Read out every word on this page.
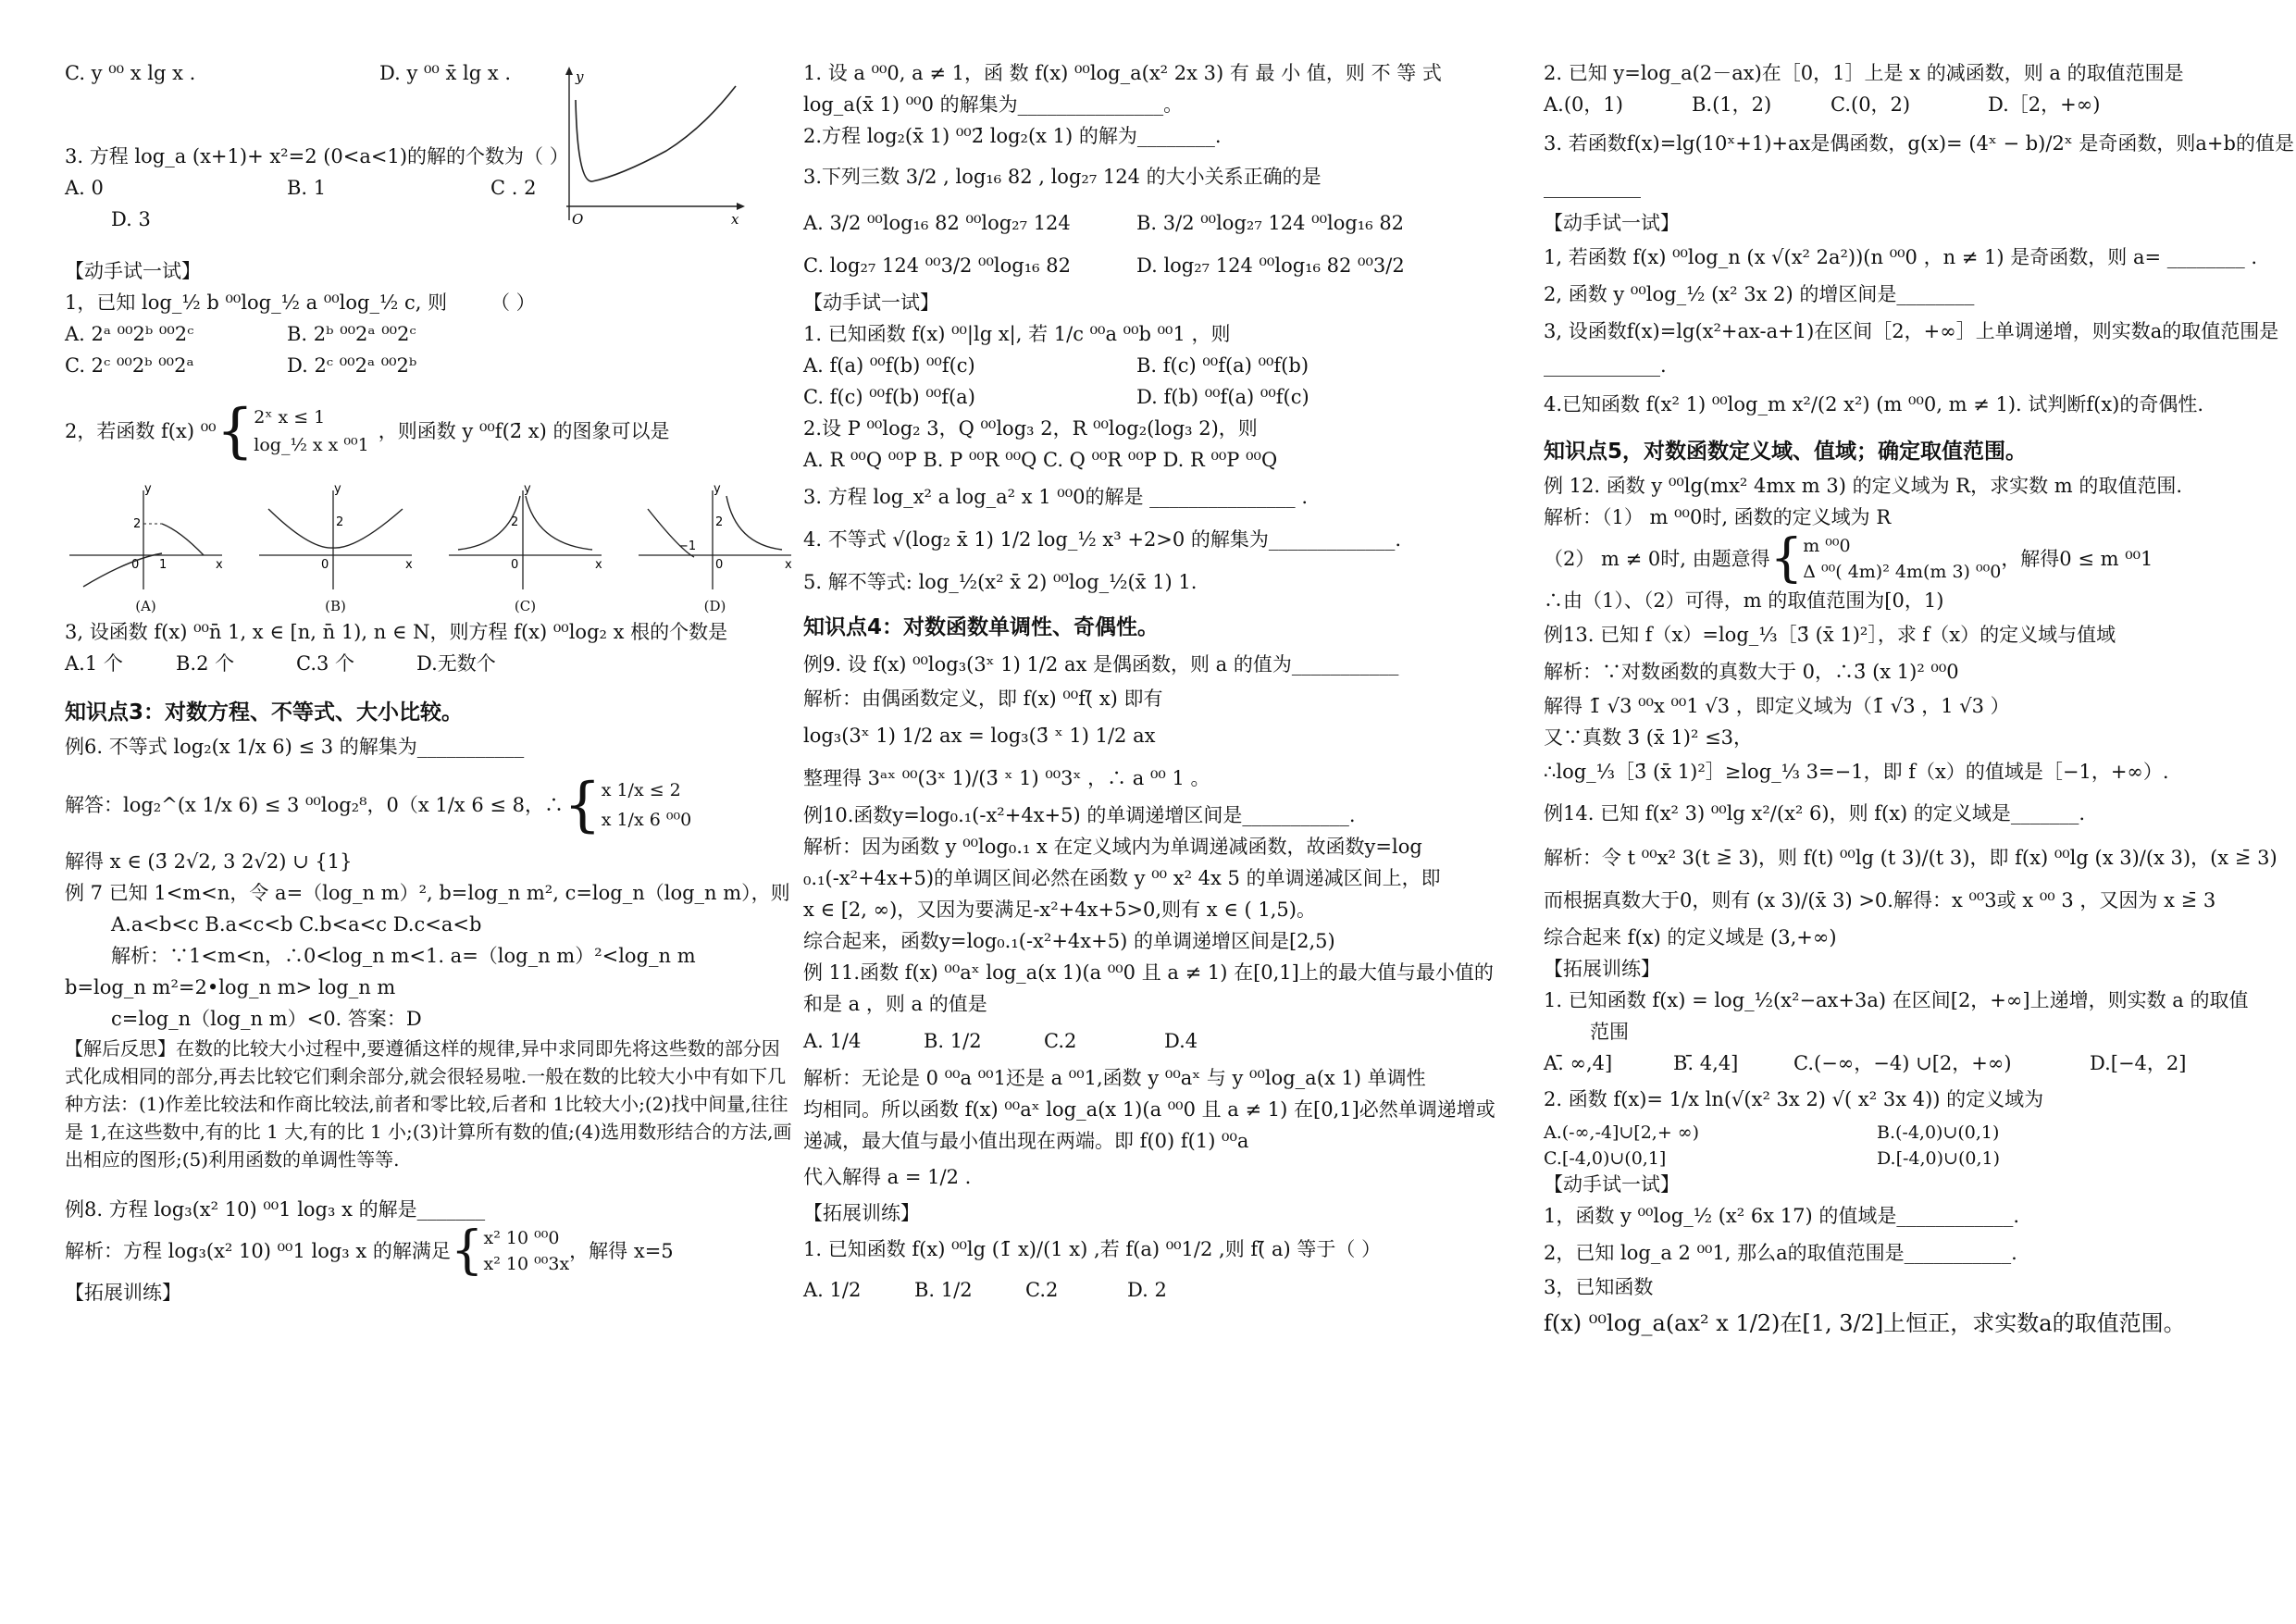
C. y ⁰⁰ x lg x .	D. y ⁰⁰ x̄ lg x .
3. 方程 log_a (x+1)+ x²=2 (0<a<1)的解的个数为（ ）
A. 0	B. 1	C . 2
D. 3
【动手试一试】
1，已知 log_½ b ⁰⁰log_½ a ⁰⁰log_½ c, 则	（ ）
A. 2ᵃ ⁰⁰2ᵇ ⁰⁰2ᶜ	B. 2ᵇ ⁰⁰2ᵃ ⁰⁰2ᶜ
C. 2ᶜ ⁰⁰2ᵇ ⁰⁰2ᵃ	D. 2ᶜ ⁰⁰2ᵃ ⁰⁰2ᵇ
2，若函数 f(x) ⁰⁰ { 2ˣ x ≤ 1
log_½ x x ⁰⁰1
，则函数 y ⁰⁰f(2̄ x) 的图象可以是
y
x
0 1
2
(A)
y
x
0
2
(B)
y
x
0
2
(C)
y
x
0
−1
2
(D)
3, 设函数 f(x) ⁰⁰n̄ 1, x ∈ [n, n̄ 1), n ∈ N，则方程 f(x) ⁰⁰log₂ x 根的个数是
A.1 个	B.2 个	C.3 个	D.无数个
知识点3：对数方程、不等式、大小比较。
例6. 不等式 log₂(x 1/x 6) ≤ 3 的解集为___________
解答：log₂^(x 1/x 6) ≤ 3 ⁰⁰log₂⁸，0（x 1/x 6 ≤ 8，∴ { x 1/x ≤ 2
x 1/x 6 ⁰⁰0
解得 x ∈ (3̄ 2√2, 3 2√2) ∪ {1}
例 7 已知 1<m<n，令 a=（log_n m）², b=log_n m², c=log_n（log_n m），则
A.a<b<c B.a<c<b C.b<a<c D.c<a<b
解析：∵1<m<n，∴0<log_n m<1. a=（log_n m）²<log_n m
b=log_n m²=2•log_n m> log_n m
c=log_n（log_n m）<0. 答案：D
【解后反思】在数的比较大小过程中,要遵循这样的规律,异中求同即先将这些数的部分因式化成相同的部分,再去比较它们剩余部分,就会很轻易啦.一般在数的比较大小中有如下几种方法：(1)作差比较法和作商比较法,前者和零比较,后者和 1比较大小;(2)找中间量,往往是 1,在这些数中,有的比 1 大,有的比 1 小;(3)计算所有数的值;(4)选用数形结合的方法,画出相应的图形;(5)利用函数的单调性等等.
例8. 方程 log₃(x² 10) ⁰⁰1 log₃ x 的解是_______
解析：方程 log₃(x² 10) ⁰⁰1 log₃ x 的解满足 { x² 10 ⁰⁰0
x² 10 ⁰⁰3x
，解得 x=5
【拓展训练】
y
O	x
1. 设 a ⁰⁰0, a ≠ 1，函 数 f(x) ⁰⁰log_a(x² 2x 3) 有 最 小 值，则 不 等 式
log_a(x̄ 1) ⁰⁰0 的解集为_______________。
2.方程 log₂(x̄ 1) ⁰⁰2̄ log₂(x 1) 的解为________.
3.下列三数 3/2 , log₁₆ 82 , log₂₇ 124 的大小关系正确的是
A. 3/2 ⁰⁰log₁₆ 82 ⁰⁰log₂₇ 124	B. 3/2 ⁰⁰log₂₇ 124 ⁰⁰log₁₆ 82
C. log₂₇ 124 ⁰⁰3/2 ⁰⁰log₁₆ 82	D. log₂₇ 124 ⁰⁰log₁₆ 82 ⁰⁰3/2
【动手试一试】
1. 已知函数 f(x) ⁰⁰|lg x|, 若 1/c ⁰⁰a ⁰⁰b ⁰⁰1 ，则
A. f(a) ⁰⁰f(b) ⁰⁰f(c)	B. f(c) ⁰⁰f(a) ⁰⁰f(b)
C. f(c) ⁰⁰f(b) ⁰⁰f(a)	D. f(b) ⁰⁰f(a) ⁰⁰f(c)
2.设 P ⁰⁰log₂ 3，Q ⁰⁰log₃ 2，R ⁰⁰log₂(log₃ 2)，则
A. R ⁰⁰Q ⁰⁰P B. P ⁰⁰R ⁰⁰Q C. Q ⁰⁰R ⁰⁰P D. R ⁰⁰P ⁰⁰Q
3. 方程 log_x² a log_a² x 1 ⁰⁰0的解是 _______________ .
4. 不等式 √(log₂ x̄ 1) 1/2 log_½ x³ +2>0 的解集为_____________.
5. 解不等式: log_½(x² x̄ 2) ⁰⁰log_½(x̄ 1) 1.
知识点4：对数函数单调性、奇偶性。
例9. 设 f(x) ⁰⁰log₃(3ˣ 1) 1/2 ax 是偶函数，则 a 的值为___________
解析：由偶函数定义，即 f(x) ⁰⁰f(̄ x) 即有
log₃(3ˣ 1) 1/2 ax = log₃(3̄ ˣ 1) 1/2 ax
整理得 3ᵃˣ ⁰⁰(3ˣ 1)/(3̄ ˣ 1) ⁰⁰3ˣ ，∴ a ⁰⁰ 1 。
例10.函数y=log₀.₁(-x²+4x+5) 的单调递增区间是___________.
解析：因为函数 y ⁰⁰log₀.₁ x 在定义域内为单调递减函数，故函数y=log
₀.₁(-x²+4x+5)的单调区间必然在函数 y ⁰⁰ x² 4x 5 的单调递减区间上，即
x ∈ [2, ∞)，又因为要满足-x²+4x+5>0,则有 x ∈ ( 1,5)。
综合起来，函数y=log₀.₁(-x²+4x+5) 的单调递增区间是[2,5)
例 11.函数 f(x) ⁰⁰aˣ log_a(x 1)(a ⁰⁰0 且 a ≠ 1) 在[0,1]上的最大值与最小值的
和是 a ，则 a 的值是
A. 1/4	B. 1/2	C.2	D.4
解析：无论是 0 ⁰⁰a ⁰⁰1还是 a ⁰⁰1,函数 y ⁰⁰aˣ 与 y ⁰⁰log_a(x 1) 单调性
均相同。所以函数 f(x) ⁰⁰aˣ log_a(x 1)(a ⁰⁰0 且 a ≠ 1) 在[0,1]必然单调递增或
递减，最大值与最小值出现在两端。即 f(0) f(1) ⁰⁰a
代入解得 a = 1/2 .
【拓展训练】
1. 已知函数 f(x) ⁰⁰lg (1̄ x)/(1 x) ,若 f(a) ⁰⁰1/2 ,则 f(̄ a) 等于（ ）
A. 1/2	B. 1/2	C.2	D. 2
2. 已知 y=log_a(2－ax)在［0，1］上是 x 的减函数，则 a 的取值范围是
A.(0，1)	B.(1，2)	C.(0，2)	D.［2，+∞)
3. 若函数f(x)=lg(10ˣ+1)+ax是偶函数，g(x)= (4ˣ − b)/2ˣ 是奇函数，则a+b的值是
__________
【动手试一试】
1, 若函数 f(x) ⁰⁰log_n (x √(x² 2a²))(n ⁰⁰0 ，n ≠ 1) 是奇函数，则 a= ________ .
2, 函数 y ⁰⁰log_½ (x² 3x 2) 的增区间是________
3, 设函数f(x)=lg(x²+ax-a+1)在区间［2，+∞］上单调递增，则实数a的取值范围是
____________.
4.已知函数 f(x² 1) ⁰⁰log_m x²/(2 x²) (m ⁰⁰0, m ≠ 1). 试判断f(x)的奇偶性.
知识点5，对数函数定义域、值域；确定取值范围。
例 12. 函数 y ⁰⁰lg(mx² 4mx m 3) 的定义域为 R，求实数 m 的取值范围.
解析：（1） m ⁰⁰0时, 函数的定义域为 R
（2） m ≠ 0时, 由题意得 { m ⁰⁰0
Δ ⁰⁰( 4m)² 4m(m 3) ⁰⁰0
，解得0 ≤ m ⁰⁰1
∴由（1）、（2）可得，m 的取值范围为[0，1)
例13. 已知 f（x）=log_⅓［3̄ (x̄ 1)²］，求 f（x）的定义域与值域
解析：∵对数函数的真数大于 0，∴3̄ (x 1)² ⁰⁰0
解得 1̄ √3 ⁰⁰x ⁰⁰1 √3 ，即定义域为（1̄ √3 ，1 √3 ）
又∵真数 3̄ (x̄ 1)² ≤3，
∴log_⅓［3̄ (x̄ 1)²］≥log_⅓ 3=−1，即 f（x）的值域是［−1，+∞）.
例14. 已知 f(x² 3) ⁰⁰lg x²/(x² 6)，则 f(x) 的定义域是_______.
解析：令 t ⁰⁰x² 3(t ≥̄ 3)，则 f(t) ⁰⁰lg (t 3)/(t 3)，即 f(x) ⁰⁰lg (x 3)/(x 3)，(x ≥̄ 3)
而根据真数大于0，则有 (x 3)/(x̄ 3) >0.解得：x ⁰⁰3或 x ⁰⁰ 3 ，又因为 x ≥̄ 3
综合起来 f(x) 的定义域是 (3,+∞)
【拓展训练】
1. 已知函数 f(x) = log_½(x²−ax+3a) 在区间[2，+∞]上递增，则实数 a 的取值
范围
A.̄ ∞,4]	B.̄ 4,4]	C.(−∞，−4) ∪[2，+∞)	D.[−4，2]
2. 函数 f(x)= 1/x ln(√(x² 3x 2) √( x² 3x 4)) 的定义域为
A.(-∞,-4]∪[2,+ ∞)	B.(-4,0)∪(0,1)
C.[-4,0)∪(0,1]	D.[-4,0)∪(0,1)
【动手试一试】
1，函数 y ⁰⁰log_½ (x² 6x 17) 的值域是____________.
2，已知 log_a 2 ⁰⁰1, 那么a的取值范围是___________.
3，已知函数
f(x) ⁰⁰log_a(ax² x 1/2)在[1, 3/2]上恒正，求实数a的取值范围。
